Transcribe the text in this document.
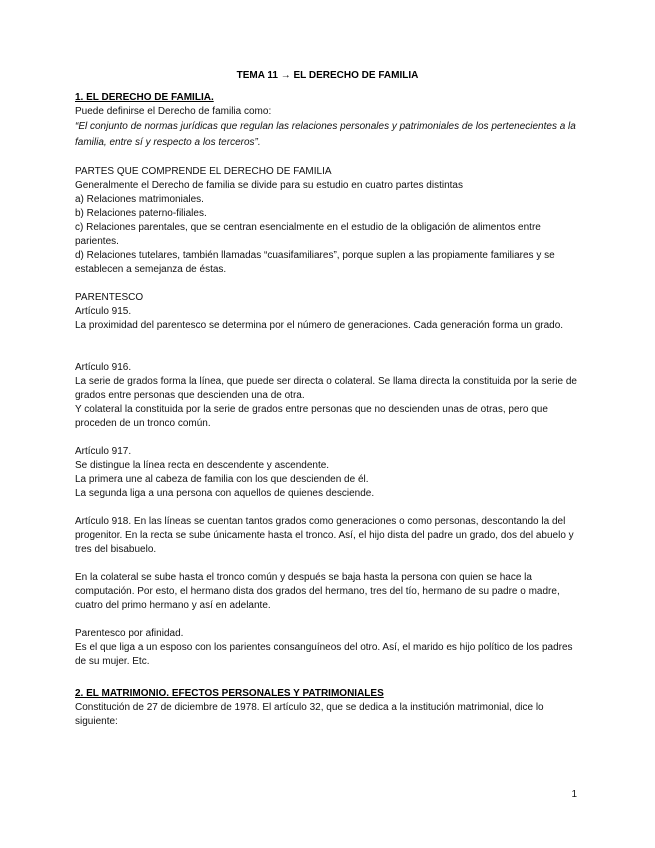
TEMA 11 → EL DERECHO DE FAMILIA
1. EL DERECHO DE FAMILIA.
Puede definirse el Derecho de familia como:
“El conjunto de normas jurídicas que regulan las relaciones personales y patrimoniales de los pertenecientes a la familia, entre sí y respecto a los terceros”.
PARTES QUE COMPRENDE EL DERECHO DE FAMILIA
Generalmente el Derecho de familia se divide para su estudio en cuatro partes distintas
a) Relaciones matrimoniales.
b) Relaciones paterno-filiales.
c) Relaciones parentales, que se centran esencialmente en el estudio de la obligación de alimentos entre parientes.
d) Relaciones tutelares, también llamadas “cuasifamiliares”, porque suplen a las propiamente familiares y se establecen a semejanza de éstas.
PARENTESCO
Artículo 915.
La proximidad del parentesco se determina por el número de generaciones. Cada generación forma un grado.
Artículo 916.
La serie de grados forma la línea, que puede ser directa o colateral. Se llama directa la constituida por la serie de grados entre personas que descienden una de otra.
Y colateral la constituida por la serie de grados entre personas que no descienden unas de otras, pero que proceden de un tronco común.
Artículo 917.
Se distingue la línea recta en descendente y ascendente.
La primera une al cabeza de familia con los que descienden de él.
La segunda liga a una persona con aquellos de quienes desciende.
Artículo 918. En las líneas se cuentan tantos grados como generaciones o como personas, descontando la del progenitor. En la recta se sube únicamente hasta el tronco. Así, el hijo dista del padre un grado, dos del abuelo y tres del bisabuelo.
En la colateral se sube hasta el tronco común y después se baja hasta la persona con quien se hace la computación. Por esto, el hermano dista dos grados del hermano, tres del tío, hermano de su padre o madre, cuatro del primo hermano y así en adelante.
Parentesco por afinidad.
Es el que liga a un esposo con los parientes consanguíneos del otro. Así, el marido es hijo político de los padres de su mujer. Etc.
2. EL MATRIMONIO. EFECTOS PERSONALES Y PATRIMONIALES
Constitución de 27 de diciembre de 1978. El artículo 32, que se dedica a la institución matrimonial, dice lo siguiente:
1
